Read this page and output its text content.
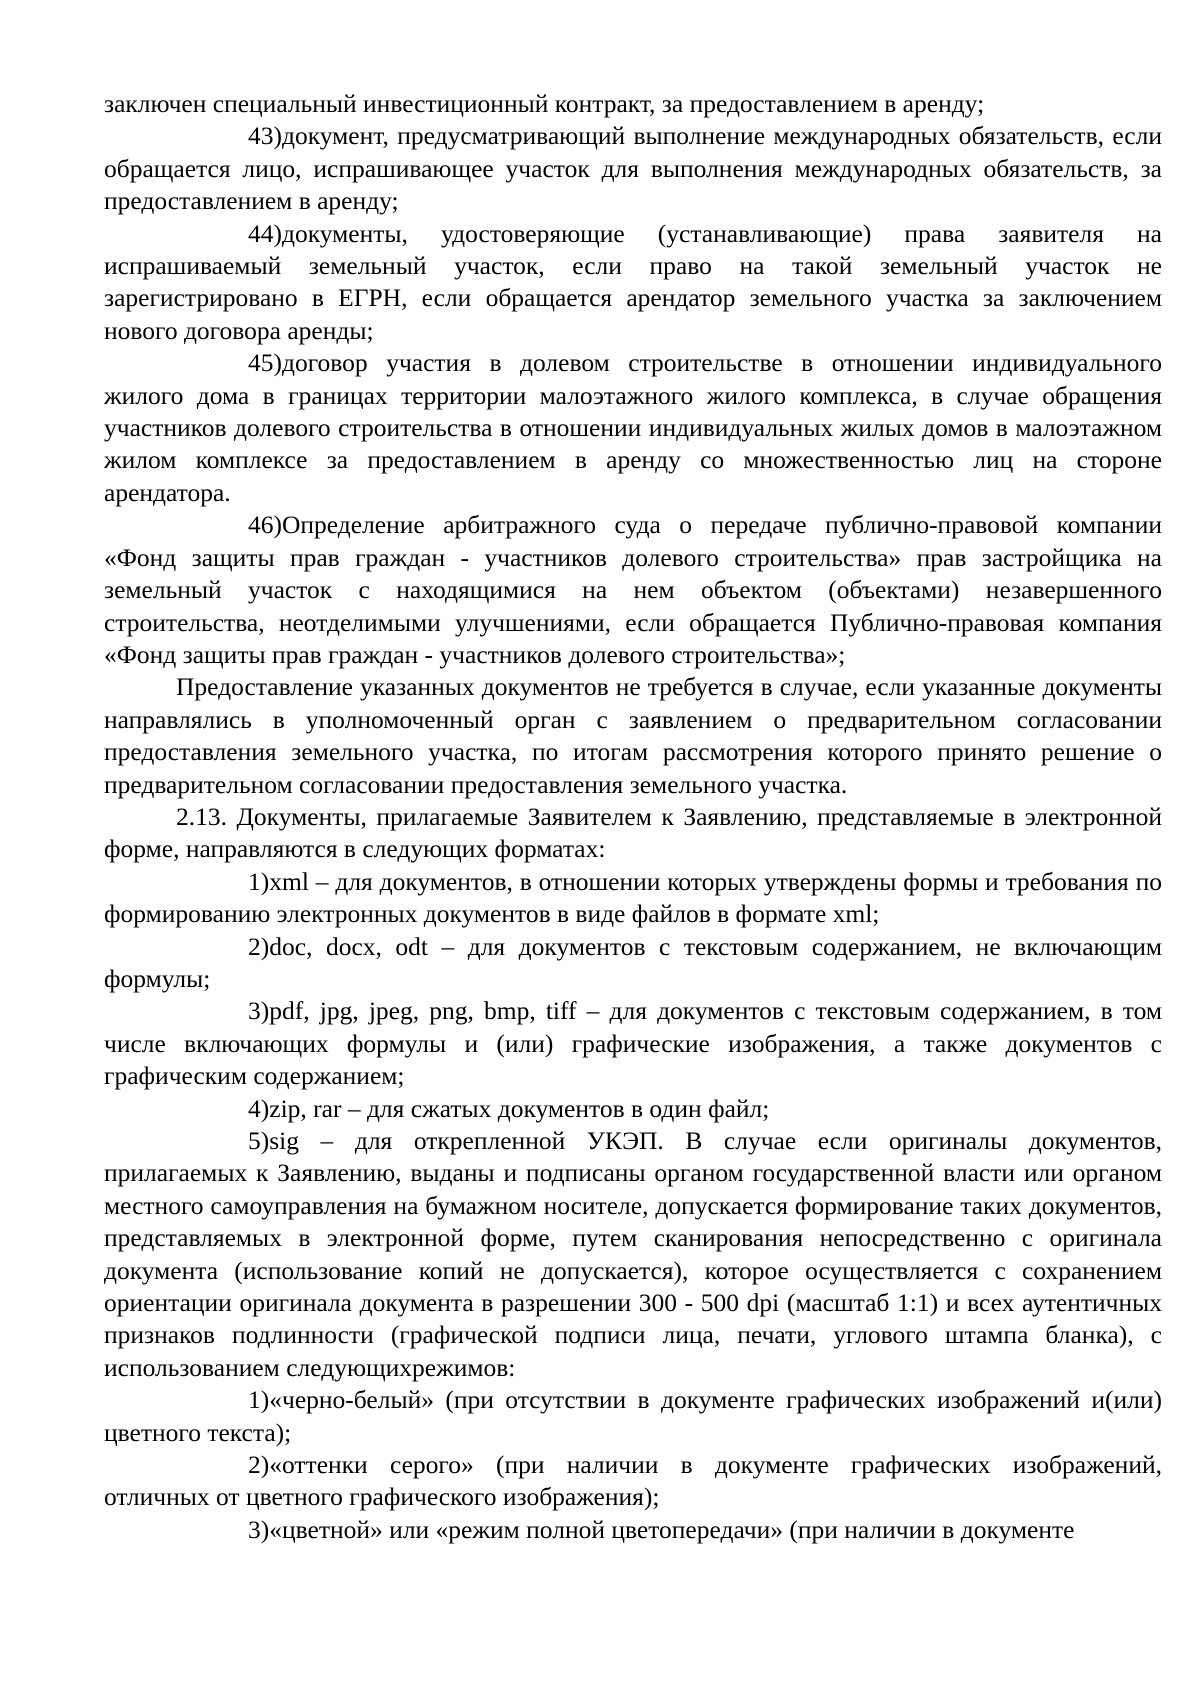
заключен специальный инвестиционный контракт, за предоставлением в аренду;

43)документ, предусматривающий выполнение международных обязательств, если обращается лицо, испрашивающее участок для выполнения международных обязательств, за предоставлением в аренду;

44)документы, удостоверяющие (устанавливающие) права заявителя на испрашиваемый земельный участок, если право на такой земельный участок не зарегистрировано в ЕГРН, если обращается арендатор земельного участка за заключением нового договора аренды;

45)договор участия в долевом строительстве в отношении индивидуального жилого дома в границах территории малоэтажного жилого комплекса, в случае обращения участников долевого строительства в отношении индивидуальных жилых домов в малоэтажном жилом комплексе за предоставлением в аренду со множественностью лиц на стороне арендатора.

46)Определение арбитражного суда о передаче публично-правовой компании «Фонд защиты прав граждан - участников долевого строительства» прав застройщика на земельный участок с находящимися на нем объектом (объектами) незавершенного строительства, неотделимыми улучшениями, если обращается Публично-правовая компания «Фонд защиты прав граждан - участников долевого строительства»;

Предоставление указанных документов не требуется в случае, если указанные документы направлялись в уполномоченный орган с заявлением о предварительном согласовании предоставления земельного участка, по итогам рассмотрения которого принято решение о предварительном согласовании предоставления земельного участка.

2.13. Документы, прилагаемые Заявителем к Заявлению, представляемые в электронной форме, направляются в следующих форматах:

1)xml – для документов, в отношении которых утверждены формы и требования по формированию электронных документов в виде файлов в формате xml;

2)doc, docx, odt – для документов с текстовым содержанием, не включающим формулы;

3)pdf, jpg, jpeg, png, bmp, tiff – для документов с текстовым содержанием, в том числе включающих формулы и (или) графические изображения, а также документов с графическим содержанием;

4)zip, rar – для сжатых документов в один файл;

5)sig – для открепленной УКЭП. В случае если оригиналы документов, прилагаемых к Заявлению, выданы и подписаны органом государственной власти или органом местного самоуправления на бумажном носителе, допускается формирование таких документов, представляемых в электронной форме, путем сканирования непосредственно с оригинала документа (использование копий не допускается), которое осуществляется с сохранением ориентации оригинала документа в разрешении 300 - 500 dpi (масштаб 1:1) и всех аутентичных признаков подлинности (графической подписи лица, печати, углового штампа бланка), с использованием следующихрежимов:

1)«черно-белый» (при отсутствии в документе графических изображений и(или) цветного текста);

2)«оттенки серого» (при наличии в документе графических изображений, отличных от цветного графического изображения);

3)«цветной» или «режим полной цветопередачи» (при наличии в документе
